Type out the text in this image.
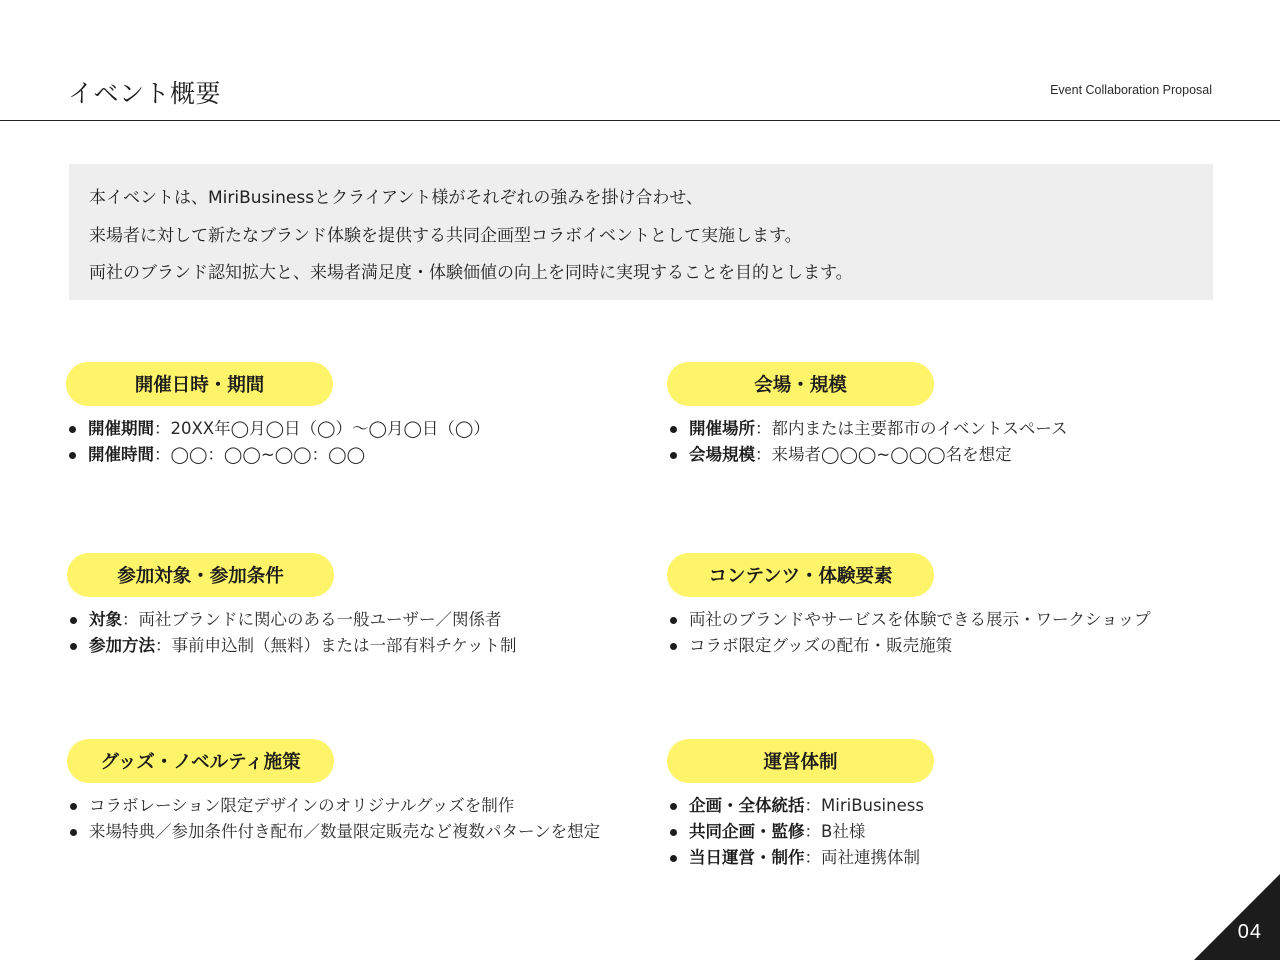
イベント概要	Event Collaboration Proposal

本イベントは、MiriBusinessとクライアント様がそれぞれの強みを掛け合わせ、

来場者に対して新たなブランド体験を提供する共同企画型コラボイベントとして実施します。

両社のブランド認知拡大と、来場者満足度・体験価値の向上を同時に実現することを目的とします。

開催日時・期間
開催期間：20XX年◯月◯日（◯）～◯月◯日（◯）
開催時間：◯◯：◯◯~◯◯：◯◯
会場・規模
開催場所：都内または主要都市のイベントスペース
会場規模：来場者◯◯◯~◯◯◯名を想定
参加対象・参加条件
対象：両社ブランドに関心のある一般ユーザー／関係者
参加方法：事前申込制（無料）または一部有料チケット制
コンテンツ・体験要素
両社のブランドやサービスを体験できる展示・ワークショップ
コラボ限定グッズの配布・販売施策
グッズ・ノベルティ施策
コラボレーション限定デザインのオリジナルグッズを制作
来場特典／参加条件付き配布／数量限定販売など複数パターンを想定
運営体制
企画・全体統括：MiriBusiness
共同企画・監修：B社様
当日運営・制作：両社連携体制
04
